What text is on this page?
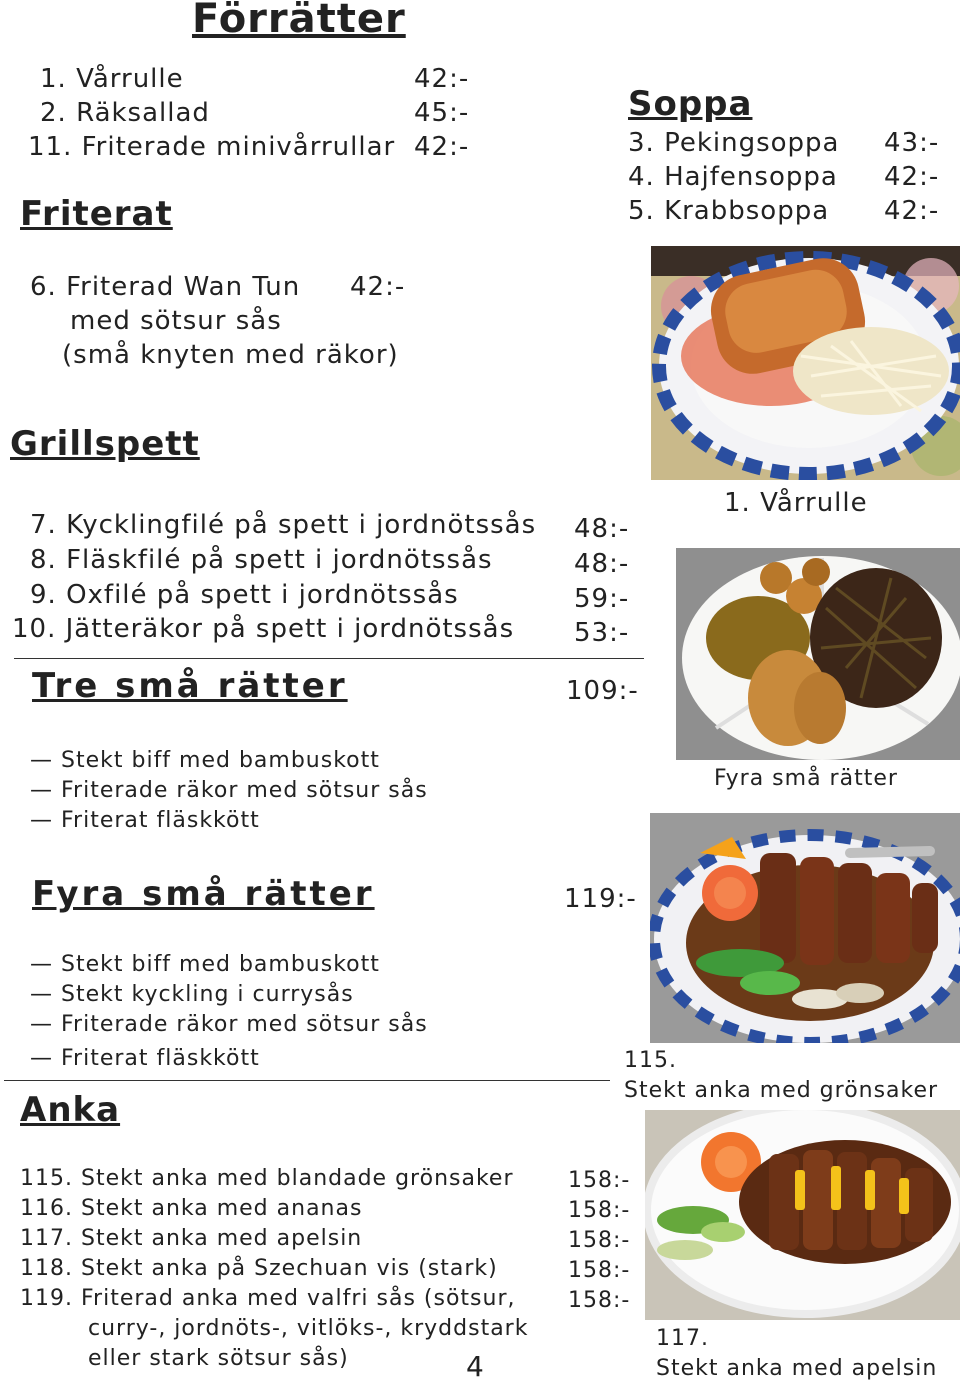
Förrätter
1. Vårrulle	42:-
2. Räksallad	45:-
11. Friterade minivårrullar 42:-
Soppa
3. Pekingsoppa 43:-
4. Hajfensoppa 42:-
5. Krabbsoppa 42:-
Friterat
6. Friterad Wan Tun 42:-
med sötsur sås
(små knyten med räkor)
Grillspett
7. Kycklingfilé på spett i jordnötssås 48:-
8. Fläskfilé på spett i jordnötssås	48:-
9. Oxfilé på spett i jordnötssås	59:-
10. Jätteräkor på spett i jordnötssås 53:-
Tre små rätter	109:-
— Stekt biff med bambuskott
— Friterade räkor med sötsur sås
— Friterat fläskkött
Fyra små rätter	119:-
— Stekt biff med bambuskott
— Stekt kyckling i currysås
— Friterade räkor med sötsur sås
— Friterat fläskkött
Anka
115. Stekt anka med blandade grönsaker 158:-
116. Stekt anka med ananas	158:-
117. Stekt anka med apelsin	158:-
118. Stekt anka på Szechuan vis (stark)	158:-
119. Friterad anka med valfri sås (sötsur, 158:-
curry-, jordnöts-, vitlöks-, kryddstark
eller stark sötsur sås)	4
1. Vårrulle
Fyra små rätter
115.
Stekt anka med grönsaker
117.
Stekt anka med apelsin
